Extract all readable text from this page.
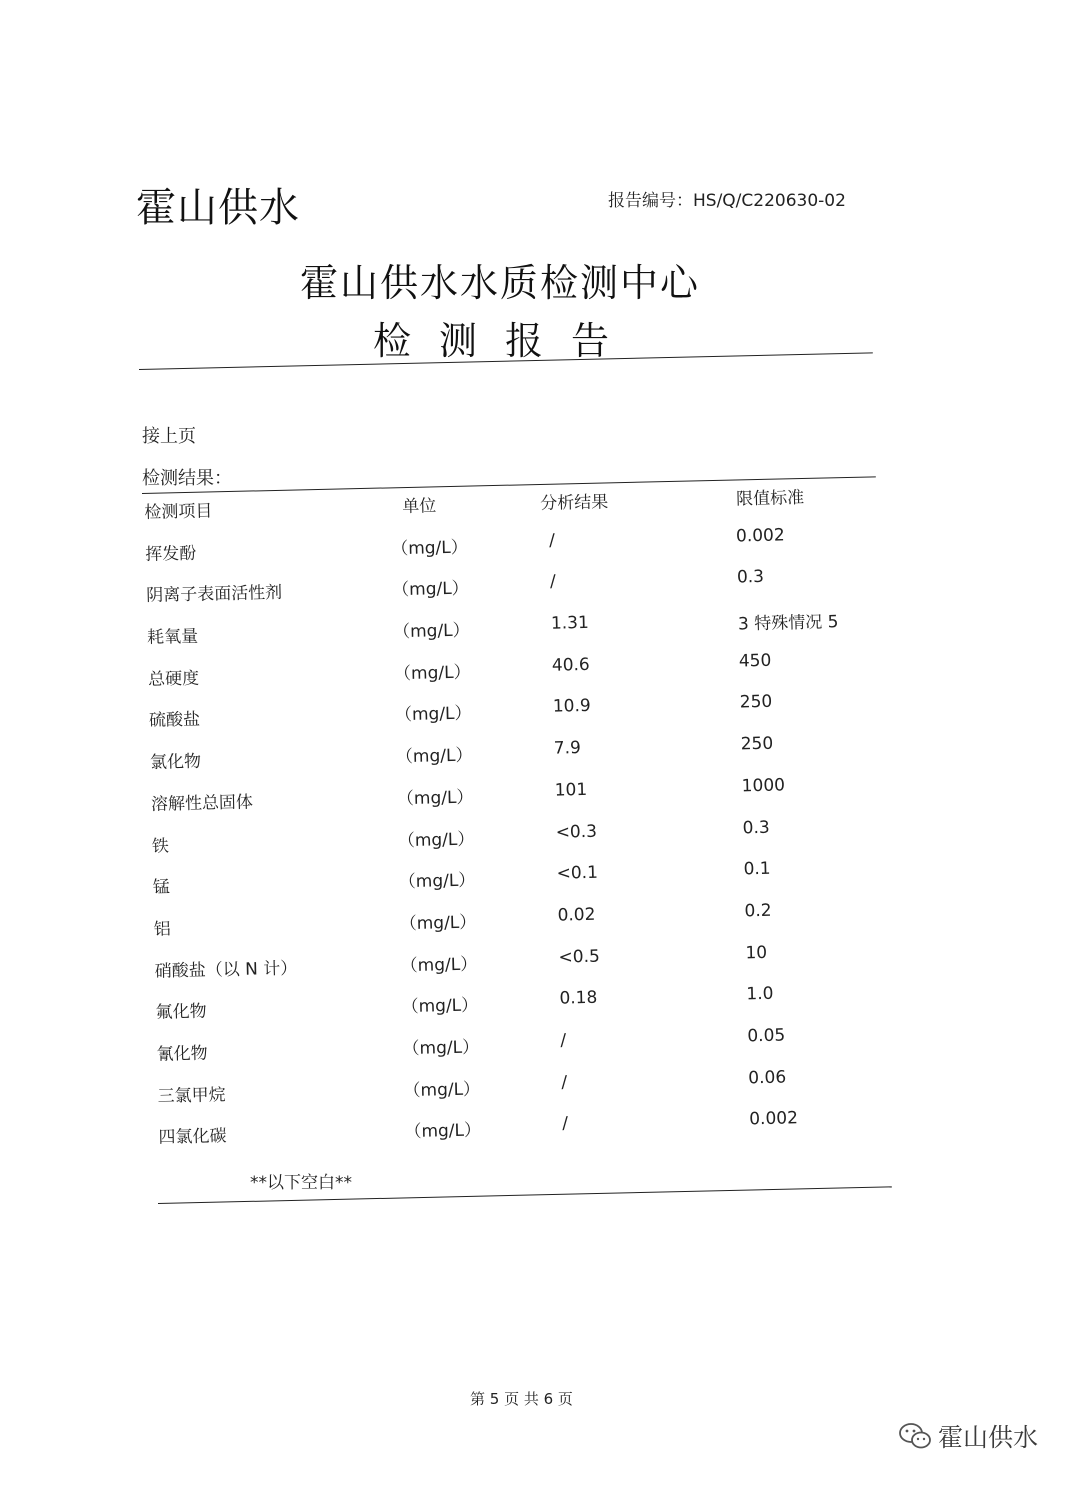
霍山供水	报告编号：HS/Q/C220630-02
霍山供水水质检测中心
检测报告
接上页
检测结果：
检测项目	单位	分析结果	限值标准
挥发酚	（mg/L）	/	0.002
阴离子表面活性剂	（mg/L）	/	0.3
耗氧量	（mg/L）	1.31	3 特殊情况 5
总硬度	（mg/L）	40.6	450
硫酸盐	（mg/L）	10.9	250
氯化物	（mg/L）	7.9	250
溶解性总固体	（mg/L）	101	1000
铁	（mg/L）	<0.3	0.3
锰	（mg/L）	<0.1	0.1
铝	（mg/L）	0.02	0.2
硝酸盐（以 N 计）	（mg/L）	<0.5	10
氟化物	（mg/L）	0.18	1.0
氰化物	（mg/L）	/	0.05
三氯甲烷	（mg/L）	/	0.06
四氯化碳	（mg/L）	/	0.002
**以下空白**
第 5 页 共 6 页
霍山供水
